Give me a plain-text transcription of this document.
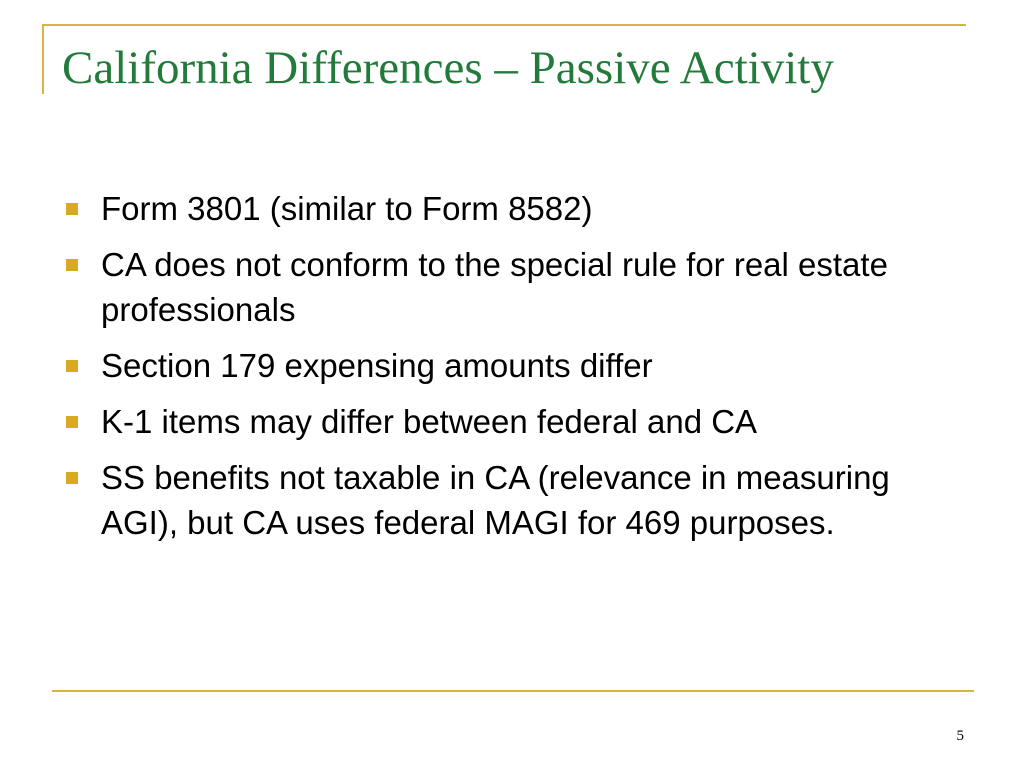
California Differences – Passive Activity
Form 3801 (similar to Form 8582)
CA does not conform to the special rule for real estate professionals
Section 179 expensing amounts differ
K-1 items may differ between federal and CA
SS benefits not taxable in CA (relevance in measuring AGI), but CA uses federal MAGI for 469 purposes.

5
